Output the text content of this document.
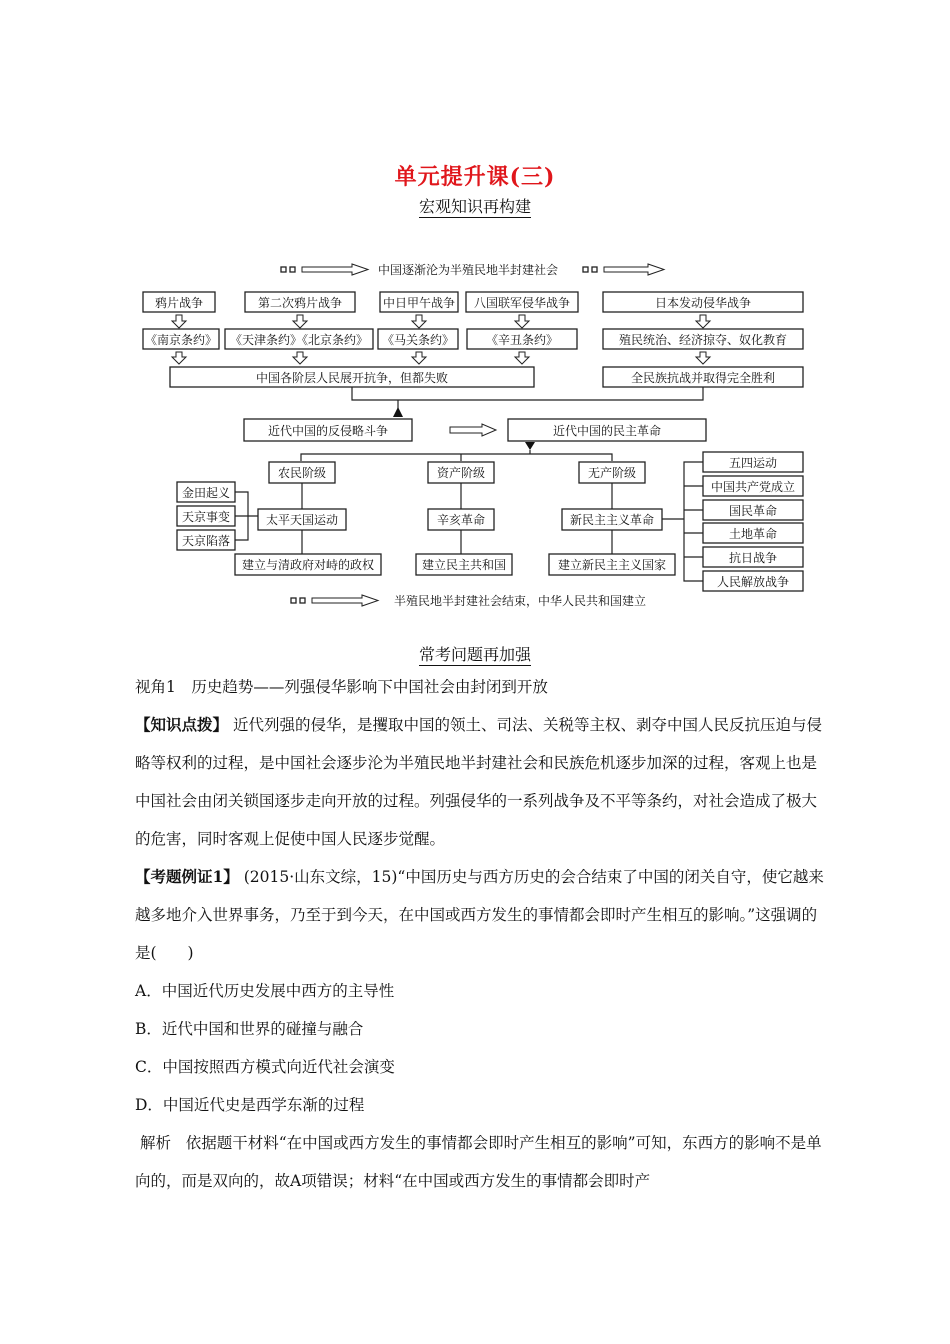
单元提升课(三)
宏观知识再构建
中国逐渐沦为半殖民地半封建社会
鸦片战争	第二次鸦片战争	中日甲午战争 八国联军侵华战争	日本发动侵华战争
《南京条约》 《天津条约》《北京条约》 《马关条约》	《辛丑条约》	殖民统治、经济掠夺、奴化教育
中国各阶层人民展开抗争，但都失败	全民族抗战并取得完全胜利
近代中国的反侵略斗争	近代中国的民主革命
农民阶级	资产阶级	无产阶级
金田起义
天京事变
天京陷落
太平天国运动	辛亥革命	新民主主义革命
建立与清政府对峙的政权	建立民主共和国	建立新民主主义国家
五四运动
中国共产党成立
国民革命
土地革命
抗日战争
人民解放战争
半殖民地半封建社会结束，中华人民共和国建立
常考问题再加强

视角1　历史趋势——列强侵华影响下中国社会由封闭到开放

【知识点拨】 近代列强的侵华，是攫取中国的领土、司法、关税等主权、剥夺中国人民反抗压迫与侵略等权利的过程，是中国社会逐步沦为半殖民地半封建社会和民族危机逐步加深的过程，客观上也是中国社会由闭关锁国逐步走向开放的过程。列强侵华的一系列战争及不平等条约，对社会造成了极大的危害，同时客观上促使中国人民逐步觉醒。

【考题例证1】 (2015·山东文综，15)“中国历史与西方历史的会合结束了中国的闭关自守，使它越来越多地介入世界事务，乃至于到今天，在中国或西方发生的事情都会即时产生相互的影响。”这强调的是(　　)

A．中国近代历史发展中西方的主导性

B．近代中国和世界的碰撞与融合

C．中国按照西方模式向近代社会演变

D．中国近代史是西学东渐的过程

解析 依据题干材料“在中国或西方发生的事情都会即时产生相互的影响”可知，东西方的影响不是单向的，而是双向的，故A项错误；材料“在中国或西方发生的事情都会即时产
